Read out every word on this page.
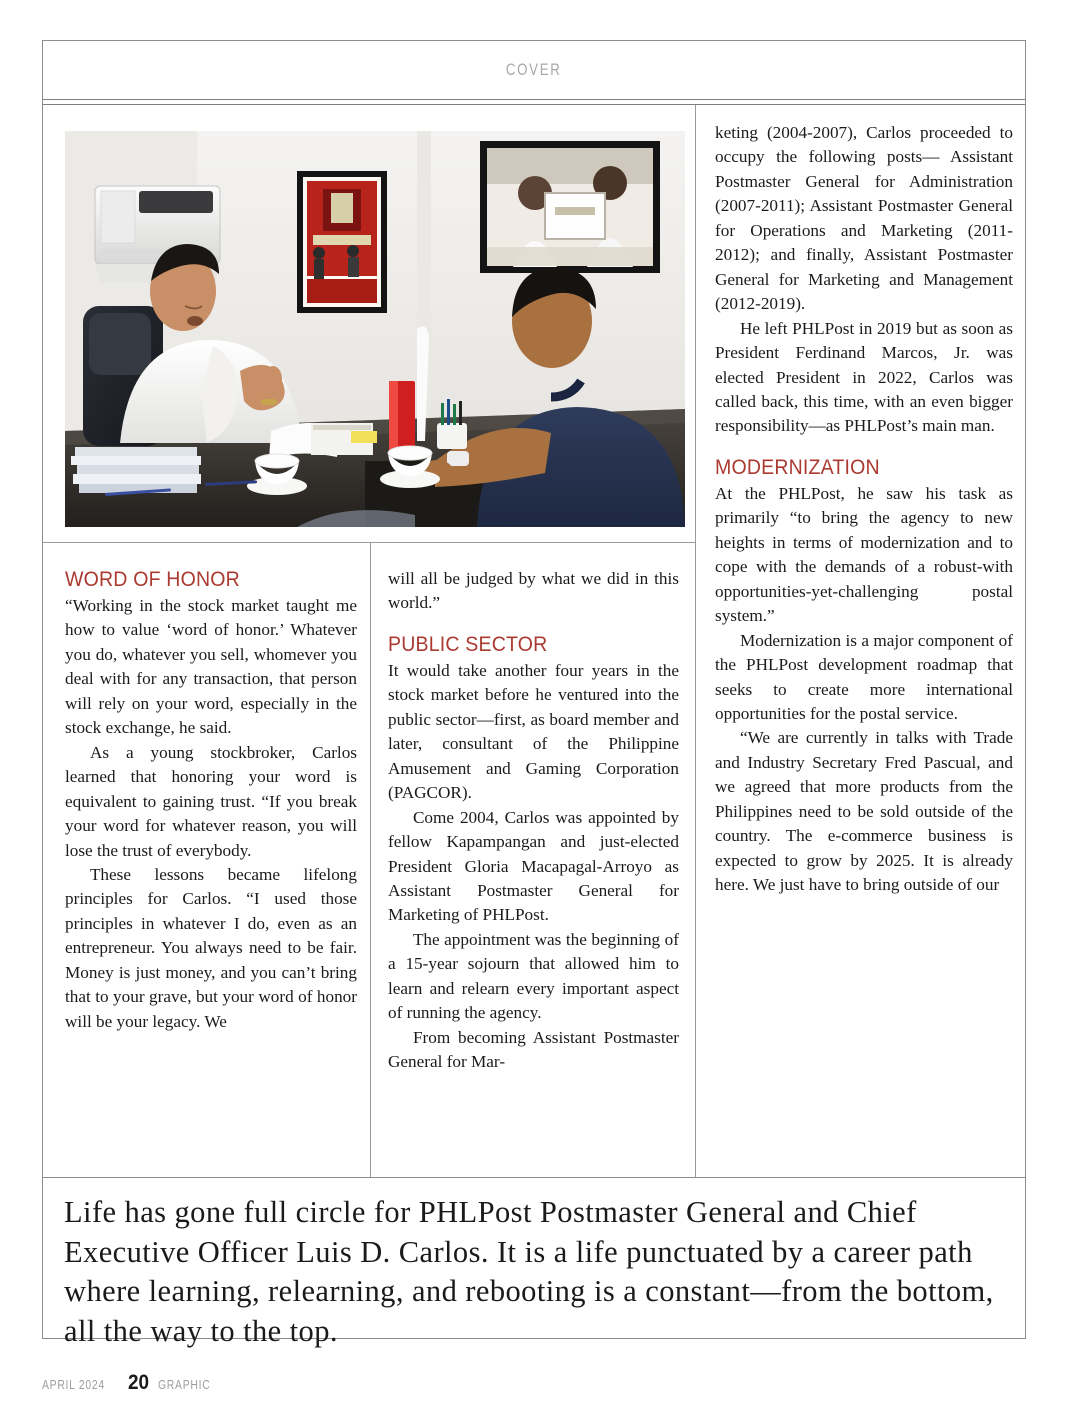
COVER
WORD OF HONOR

“Working in the stock market taught me how to value ‘word of honor.’ Whatever you do, whatever you sell, whomever you deal with for any transaction, that person will rely on your word, especially in the stock exchange, he said.

As a young stockbroker, Carlos learned that honoring your word is equivalent to gaining trust. “If you break your word for whatever reason, you will lose the trust of everybody.

These lessons became lifelong principles for Carlos. “I used those principles in whatever I do, even as an entrepreneur. You always need to be fair. Money is just money, and you can’t bring that to your grave, but your word of honor will be your legacy. We

will all be judged by what we did in this world.”

PUBLIC SECTOR

It would take another four years in the stock market before he ventured into the public sector—first, as board member and later, consultant of the Philippine Amusement and Gaming Corporation (PAGCOR).

Come 2004, Carlos was appointed by fellow Kapampangan and just-elected President Gloria Macapagal-Arroyo as Assistant Postmaster General for Marketing of PHLPost.

The appointment was the beginning of a 15-year sojourn that allowed him to learn and relearn every important aspect of running the agency.

From becoming Assistant Postmaster General for Mar-

keting (2004-2007), Carlos proceeded to occupy the following posts— Assistant Postmaster General for Administration (2007-2011); Assistant Postmaster General for Operations and Marketing (2011-2012); and finally, Assistant Postmaster General for Marketing and Management (2012-2019).

He left PHLPost in 2019 but as soon as President Ferdinand Marcos, Jr. was elected President in 2022, Carlos was called back, this time, with an even bigger responsibility—as PHLPost’s main man.

MODERNIZATION

At the PHLPost, he saw his task as primarily “to bring the agency to new heights in terms of modernization and to cope with the demands of a robust-with opportunities-yet-challenging postal system.”

Modernization is a major component of the PHLPost development roadmap that seeks to create more international opportunities for the postal service.

“We are currently in talks with Trade and Industry Secretary Fred Pascual, and we agreed that more products from the Philippines need to be sold outside of the country. The e-commerce business is expected to grow by 2025. It is already here. We just have to bring outside of our

Life has gone full circle for PHLPost Postmaster General and Chief Executive Officer Luis D. Carlos. It is a life punctuated by a career path where learning, relearning, and rebooting is a constant—from the bottom, all the way to the top.
APRIL 2024 20 GRAPHIC
